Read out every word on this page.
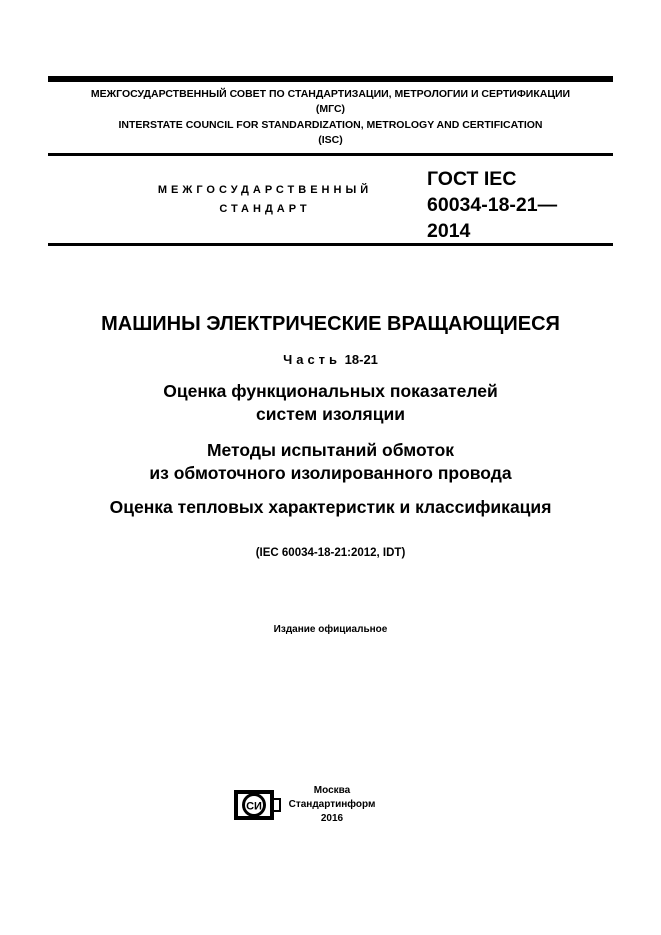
МЕЖГОСУДАРСТВЕННЫЙ СОВЕТ ПО СТАНДАРТИЗАЦИИ, МЕТРОЛОГИИ И СЕРТИФИКАЦИИ
(МГС)
INTERSTATE COUNCIL FOR STANDARDIZATION, METROLOGY AND CERTIFICATION
(ISC)
МЕЖГОСУДАРСТВЕННЫЙ
СТАНДАРТ
ГОСТ IEC
60034-18-21—
2014
МАШИНЫ ЭЛЕКТРИЧЕСКИЕ ВРАЩАЮЩИЕСЯ
Часть 18-21
Оценка функциональных показателей
систем изоляции
Методы испытаний обмоток
из обмоточного изолированного провода
Оценка тепловых характеристик и классификация
(IEC 60034-18-21:2012, IDT)
Издание официальное
СИ
Москва
Стандартинформ
2016
